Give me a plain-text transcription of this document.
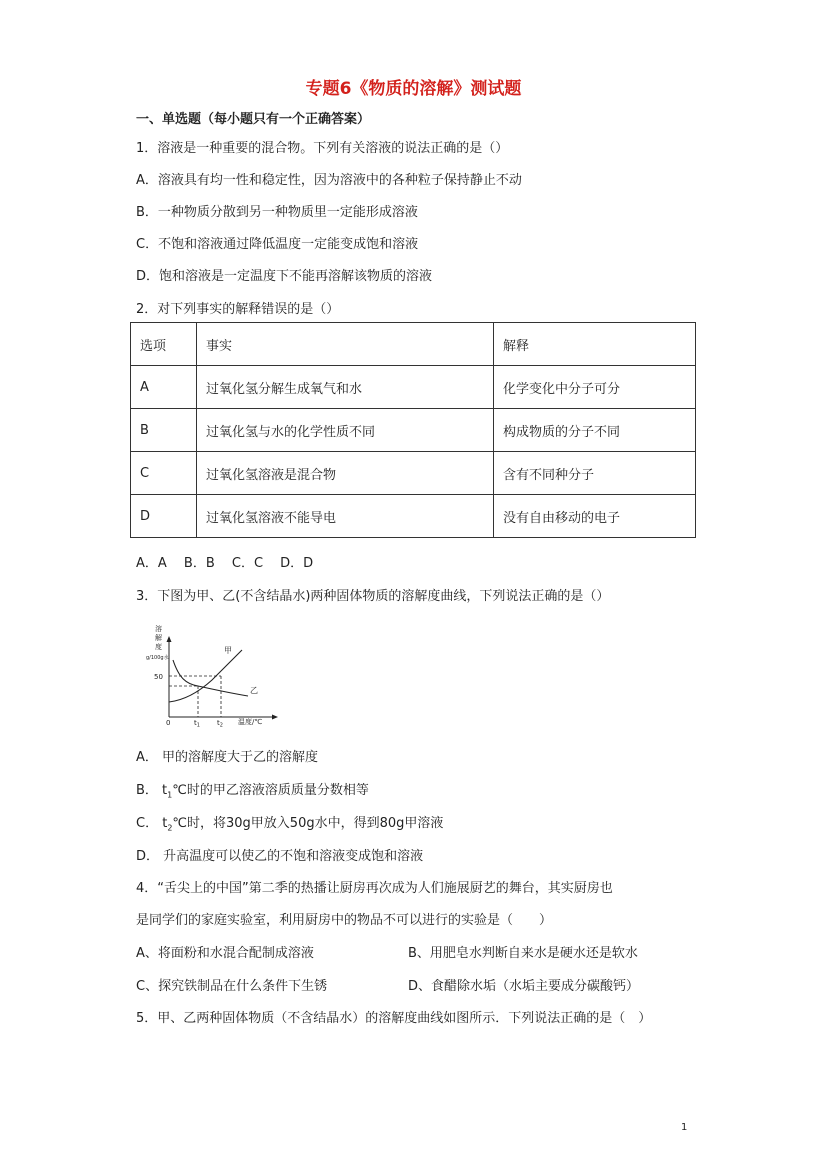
专题6《物质的溶解》测试题
一、单选题（每小题只有一个正确答案）
1．溶液是一种重要的混合物。下列有关溶液的说法正确的是（）
A．溶液具有均一性和稳定性，因为溶液中的各种粒子保持静止不动
B．一种物质分散到另一种物质里一定能形成溶液
C．不饱和溶液通过降低温度一定能变成饱和溶液
D．饱和溶液是一定温度下不能再溶解该物质的溶液
2．对下列事实的解释错误的是（）
选项	事实	解释
A	过氧化氢分解生成氧气和水	化学变化中分子可分
B	过氧化氢与水的化学性质不同	构成物质的分子不同
C	过氧化氢溶液是混合物	含有不同种分子
D	过氧化氢溶液不能导电	没有自由移动的电子
A．A　 B．B　 C．C　 D．D
3．下图为甲、乙(不含结晶水)两种固体物质的溶解度曲线，下列说法正确的是（）
溶 解 度
g/100g水
50
甲
乙
0	$t_1$ $t_2$ 温度/℃
A． 甲的溶解度大于乙的溶解度
B． $t_1℃$时的甲乙溶液溶质质量分数相等
C． $t_2℃$时，将30g甲放入50g水中，得到80g甲溶液
D． 升高温度可以使乙的不饱和溶液变成饱和溶液
4．“舌尖上的中国”第二季的热播让厨房再次成为人们施展厨艺的舞台，其实厨房也
是同学们的家庭实验室，利用厨房中的物品不可以进行的实验是（　　）
A、将面粉和水混合配制成溶液	B、用肥皂水判断自来水是硬水还是软水
C、探究铁制品在什么条件下生锈	D、食醋除水垢（水垢主要成分碳酸钙）
5．甲、乙两种固体物质（不含结晶水）的溶解度曲线如图所示．下列说法正确的是（　）
1
